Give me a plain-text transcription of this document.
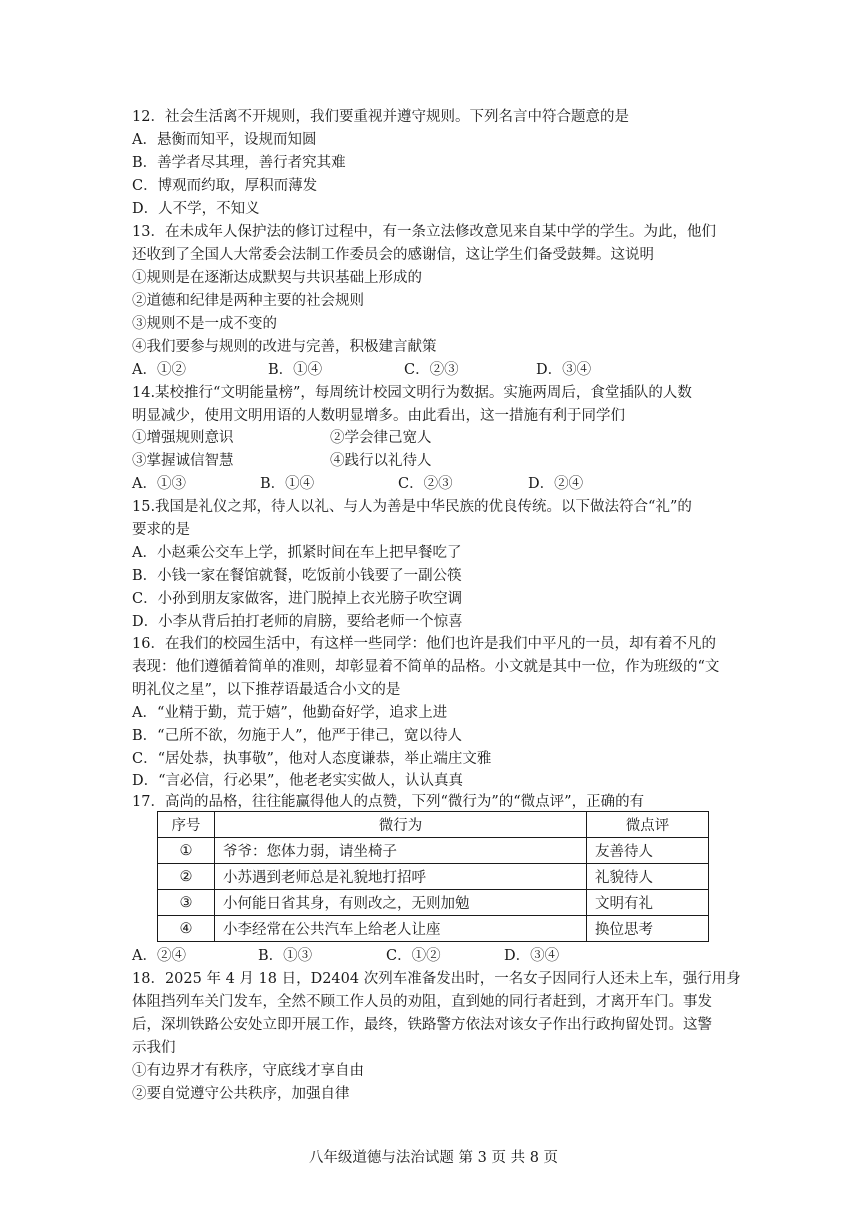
12．社会生活离不开规则，我们要重视并遵守规则。下列名言中符合题意的是
A．悬衡而知平，设规而知圆
B．善学者尽其理，善行者究其难
C．博观而约取，厚积而薄发
D．人不学，不知义
13．在未成年人保护法的修订过程中，有一条立法修改意见来自某中学的学生。为此，他们
还收到了全国人大常委会法制工作委员会的感谢信，这让学生们备受鼓舞。这说明
①规则是在逐渐达成默契与共识基础上形成的
②道德和纪律是两种主要的社会规则
③规则不是一成不变的
④我们要参与规则的改进与完善，积极建言献策
A．①②	B．①④	C．②③	D．③④
14.某校推行“文明能量榜”，每周统计校园文明行为数据。实施两周后，食堂插队的人数
明显减少，使用文明用语的人数明显增多。由此看出，这一措施有利于同学们
①增强规则意识	②学会律己宽人
③掌握诚信智慧	④践行以礼待人
A．①③	B．①④	C．②③	D．②④
15.我国是礼仪之邦，待人以礼、与人为善是中华民族的优良传统。以下做法符合“礼”的
要求的是
A．小赵乘公交车上学，抓紧时间在车上把早餐吃了
B．小钱一家在餐馆就餐，吃饭前小钱要了一副公筷
C．小孙到朋友家做客，进门脱掉上衣光膀子吹空调
D．小李从背后拍打老师的肩膀，要给老师一个惊喜
16．在我们的校园生活中，有这样一些同学：他们也许是我们中平凡的一员，却有着不凡的
表现：他们遵循着简单的准则，却彰显着不简单的品格。小文就是其中一位，作为班级的“文
明礼仪之星”，以下推荐语最适合小文的是
A．“业精于勤，荒于嬉”，他勤奋好学，追求上进
B．“己所不欲，勿施于人”，他严于律己，宽以待人
C．“居处恭，执事敬”，他对人态度谦恭，举止端庄文雅
D．“言必信，行必果”，他老老实实做人，认认真真
17．高尚的品格，往往能赢得他人的点赞，下列“微行为”的“微点评”，正确的有
序号	微行为	微点评
①	爷爷：您体力弱，请坐椅子	友善待人
②	小苏遇到老师总是礼貌地打招呼	礼貌待人
③	小何能日省其身，有则改之，无则加勉	文明有礼
④	小李经常在公共汽车上给老人让座	换位思考
A．②④	B．①③	C．①②	D．③④
18．2025 年 4 月 18 日，D2404 次列车准备发出时，一名女子因同行人还未上车，强行用身
体阻挡列车关门发车，全然不顾工作人员的劝阻，直到她的同行者赶到，才离开车门。事发
后，深圳铁路公安处立即开展工作，最终，铁路警方依法对该女子作出行政拘留处罚。这警
示我们
①有边界才有秩序，守底线才享自由
②要自觉遵守公共秩序，加强自律
八年级道德与法治试题 第 3 页 共 8 页
